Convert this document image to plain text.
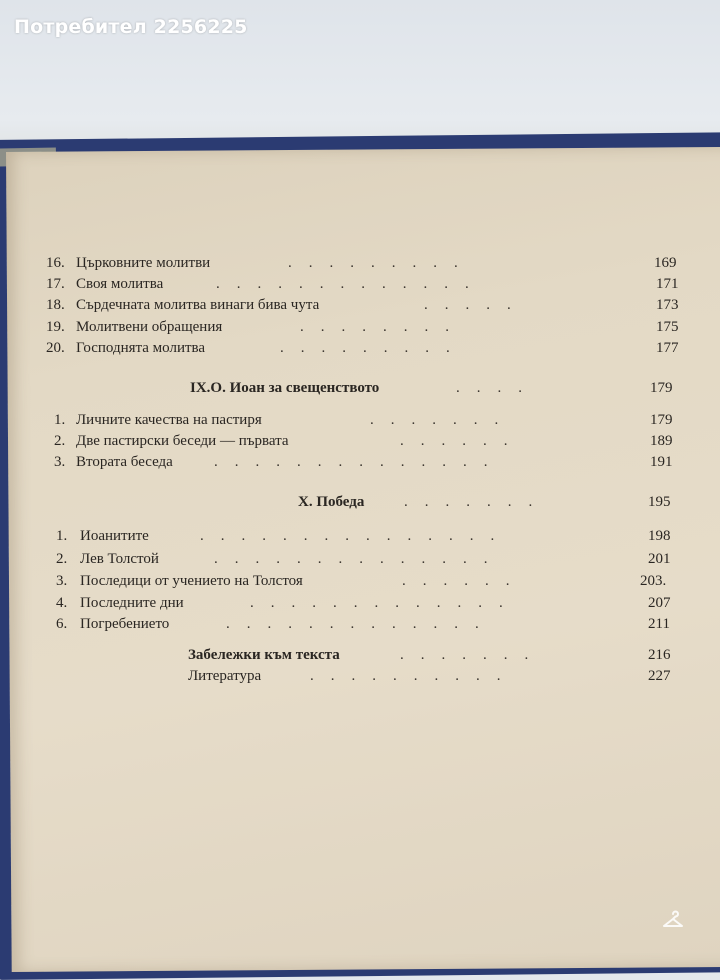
Потребител 2256225
16. Църковните молитви	.........	169
17. Своя молитва	.............	171
18. Сърдечната молитва винаги бива чута	.....	173
19. Молитвени обращения	........	175
20. Господнята молитва	.........	177
IX.O. Иоан за свещенството	....	179
1. Личните качества на пастиря	.......	179
2. Две пастирски беседи — първата	......	189
3. Втората беседа	..............	191
X. Победа	.......	195
1. Иоанитите	...............	198
2. Лев Толстой	..............	201
3. Последици от учението на Толстоя	......	203.
4. Последните дни	.............	207
6. Погребението	.............	211
Забележки към текста	.......	216
Литература	..........	227
